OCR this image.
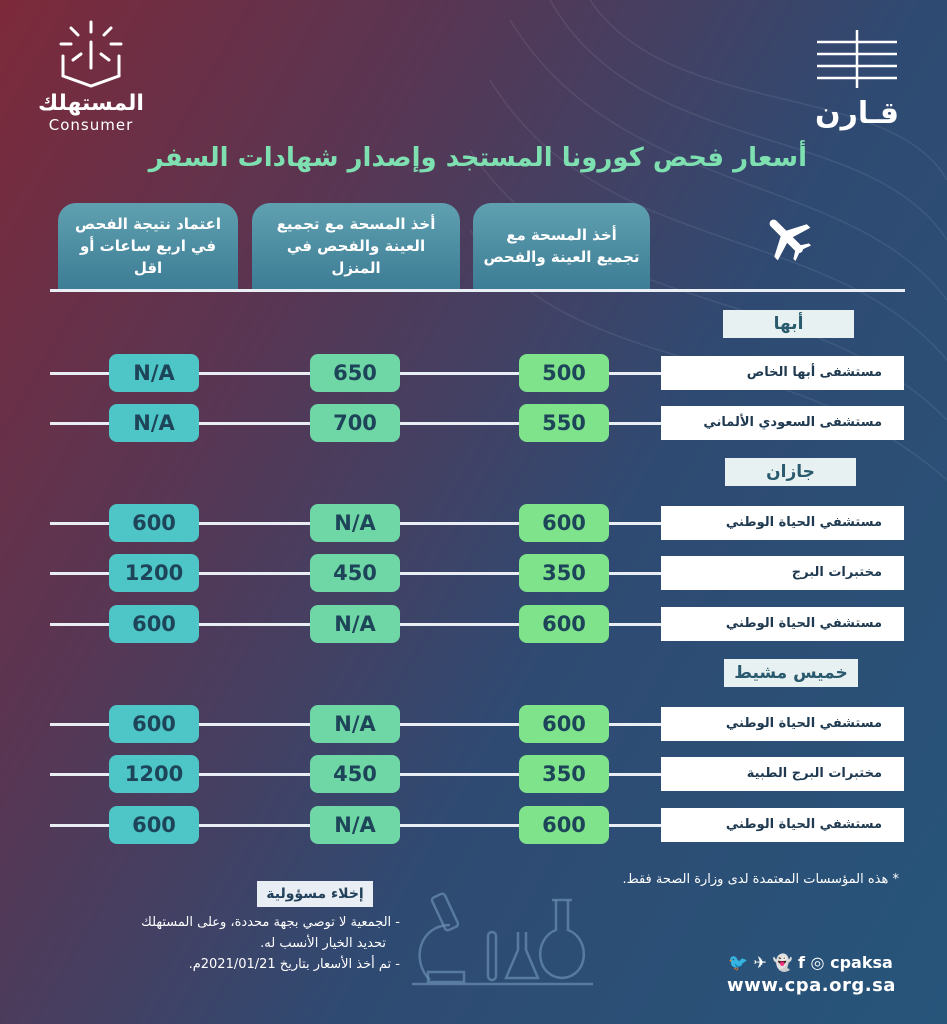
المستهلك
Consumer	قـارن
أسعار فحص كورونا المستجد وإصدار شهادات السفر
أخذ المسحة مع
تجميع العينة والفحص
أخذ المسحة مع تجميع
العينة والفحص في المنزل
اعتماد نتيجة الفحص
في اربع ساعات أو اقل
أبها
مستشفى أبها الخاص
500
650
N/A
مستشفى السعودي الألماني
550
700
N/A
جازان
مستشفي الحياة الوطني
600
N/A
600
مختبرات البرج
350
450
1200
مستشفي الحياة الوطني
600
N/A
600
خميس مشيط
مستشفي الحياة الوطني
600
N/A
600
مختبرات البرج الطبية
350
450
1200
مستشفي الحياة الوطني
600
N/A
600
* هذه المؤسسات المعتمدة لدى وزارة الصحة فقط.
إخلاء مسؤولية
- الجمعية لا توصي بجهة محددة، وعلى المستهلك
تحديد الخيار الأنسب له.
- تم أخذ الأسعار بتاريخ 2021/01/21م.	🐦 ✈ 👻 f ◎ cpaksa
www.cpa.org.sa
